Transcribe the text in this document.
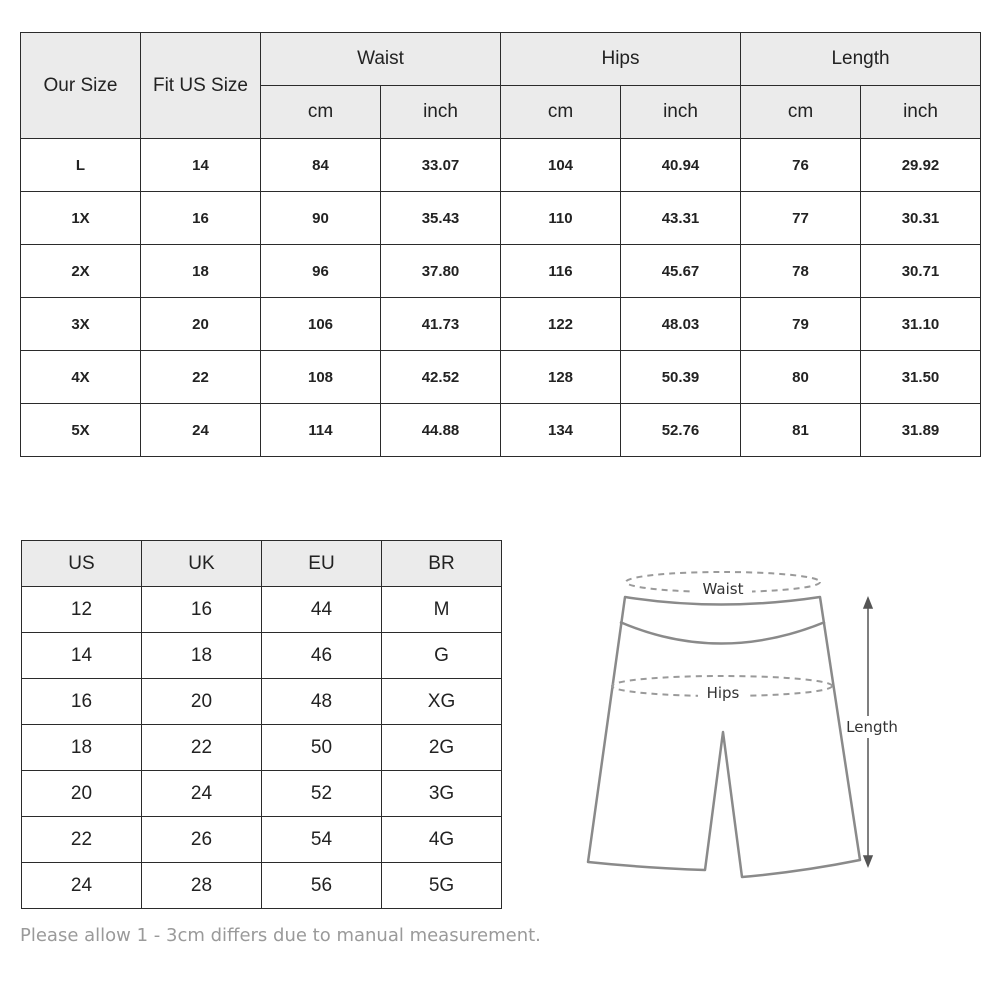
Our Size	Fit US Size	Waist		Hips		Length	
		cm	inch	cm	inch	cm	inch
L	14	84	33.07	104	40.94	76	29.92
1X	16	90	35.43	110	43.31	77	30.31
2X	18	96	37.80	116	45.67	78	30.71
3X	20	106	41.73	122	48.03	79	31.10
4X	22	108	42.52	128	50.39	80	31.50
5X	24	114	44.88	134	52.76	81	31.89
US	UK	EU	BR
12	16	44	M
14	18	46	G
16	20	48	XG
18	22	50	2G
20	24	52	3G
22	26	54	4G
24	28	56	5G
Waist
Hips
Length
Please allow 1 - 3cm differs due to manual measurement.
